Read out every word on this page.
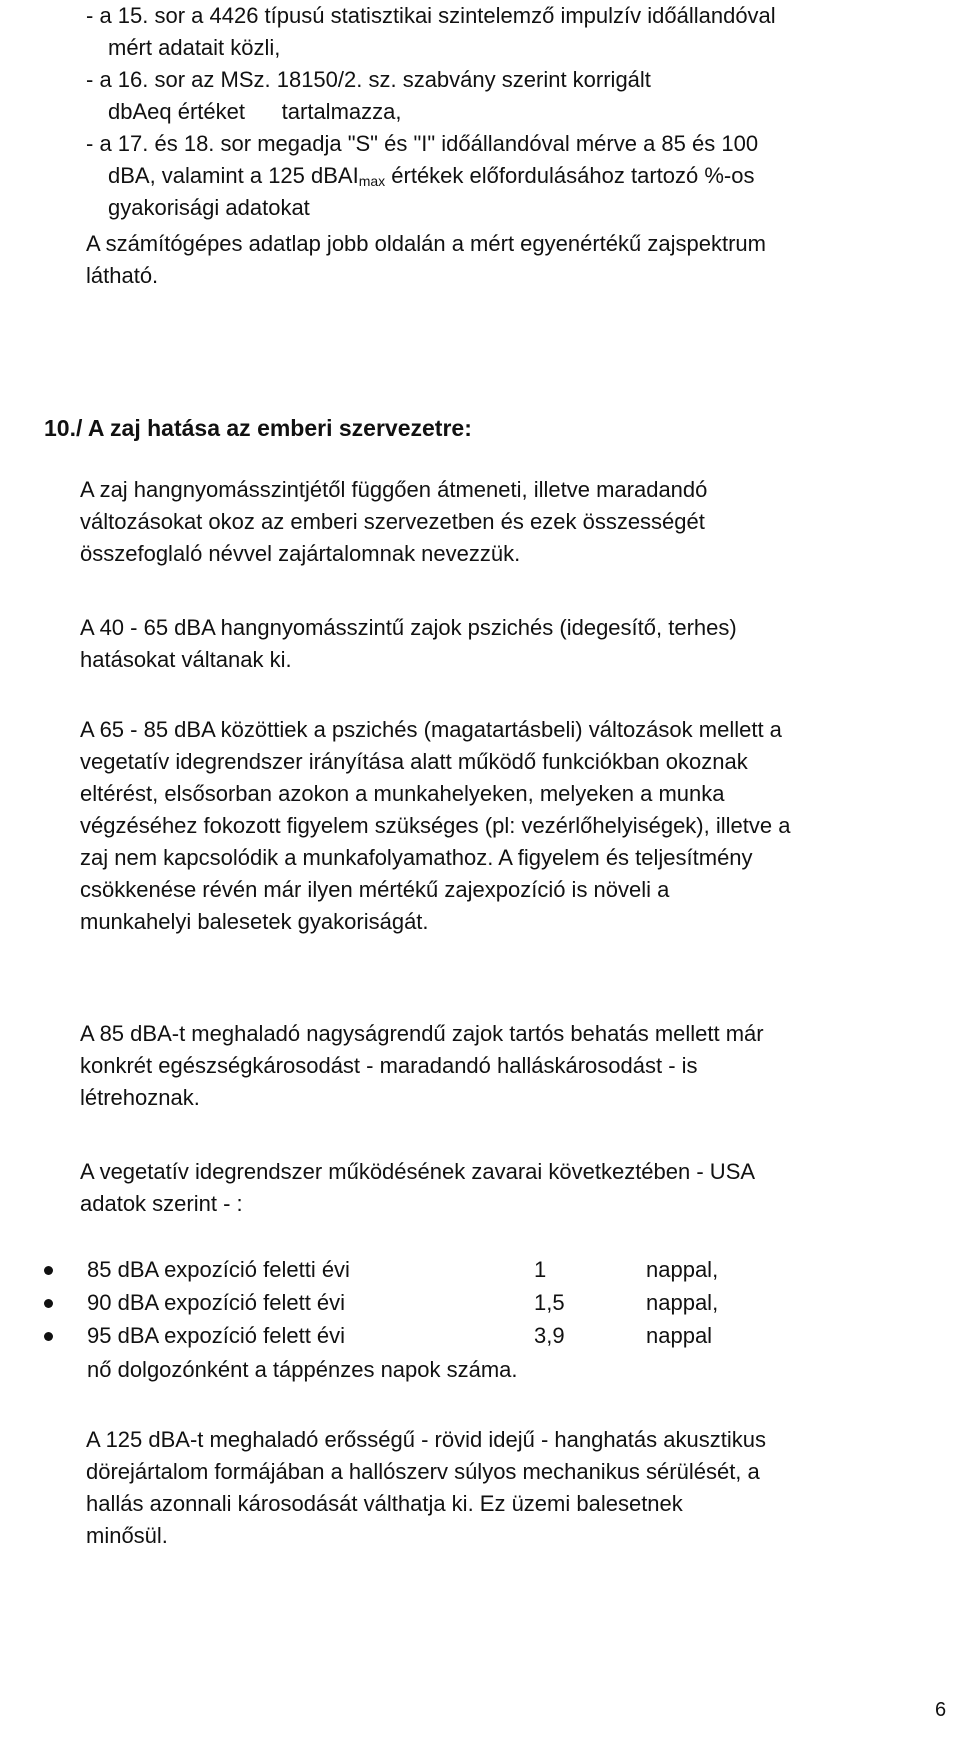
- a 15. sor a 4426 típusú statisztikai szintelemző impulzív időállandóval
mért adatait közli,
- a 16. sor az MSz. 18150/2. sz. szabvány szerint korrigált
dbAeq értéket      tartalmazza,
- a 17. és 18. sor megadja "S" és "I" időállandóval mérve a 85 és 100
dBA, valamint a 125 dBAI$_{max}$ értékek előfordulásához tartozó %-os
gyakorisági adatokat
A számítógépes adatlap jobb oldalán a mért egyenértékű zajspektrum
látható.
10./ A zaj hatása az emberi szervezetre:
A zaj hangnyomásszintjétől függően átmeneti, illetve maradandó
változásokat okoz az emberi szervezetben és ezek összességét
összefoglaló névvel zajártalomnak nevezzük.
A 40 - 65 dBA hangnyomásszintű zajok pszichés (idegesítő, terhes)
hatásokat váltanak ki.
A 65 - 85 dBA közöttiek a pszichés (magatartásbeli) változások mellett a
vegetatív idegrendszer irányítása alatt működő funkciókban okoznak
eltérést, elsősorban azokon a munkahelyeken, melyeken a munka
végzéséhez fokozott figyelem szükséges (pl: vezérlőhelyiségek), illetve a
zaj nem kapcsolódik a munkafolyamathoz. A figyelem és teljesítmény
csökkenése révén már ilyen mértékű zajexpozíció is növeli a
munkahelyi balesetek gyakoriságát.
A 85 dBA-t meghaladó nagyságrendű zajok tartós behatás mellett már
konkrét egészségkárosodást - maradandó halláskárosodást - is
létrehoznak.
A vegetatív idegrendszer működésének zavarai következtében - USA
adatok szerint - :
85 dBA expozíció feletti évi	1	nappal,
90 dBA expozíció felett évi	1,5	nappal,
95 dBA expozíció felett évi	3,9	nappal
nő dolgozónként a táppénzes napok száma.
A 125 dBA-t meghaladó erősségű - rövid idejű - hanghatás akusztikus
dörejártalom formájában a hallószerv súlyos mechanikus sérülését, a
hallás azonnali károsodását válthatja ki. Ez üzemi balesetnek
minősül.
6
